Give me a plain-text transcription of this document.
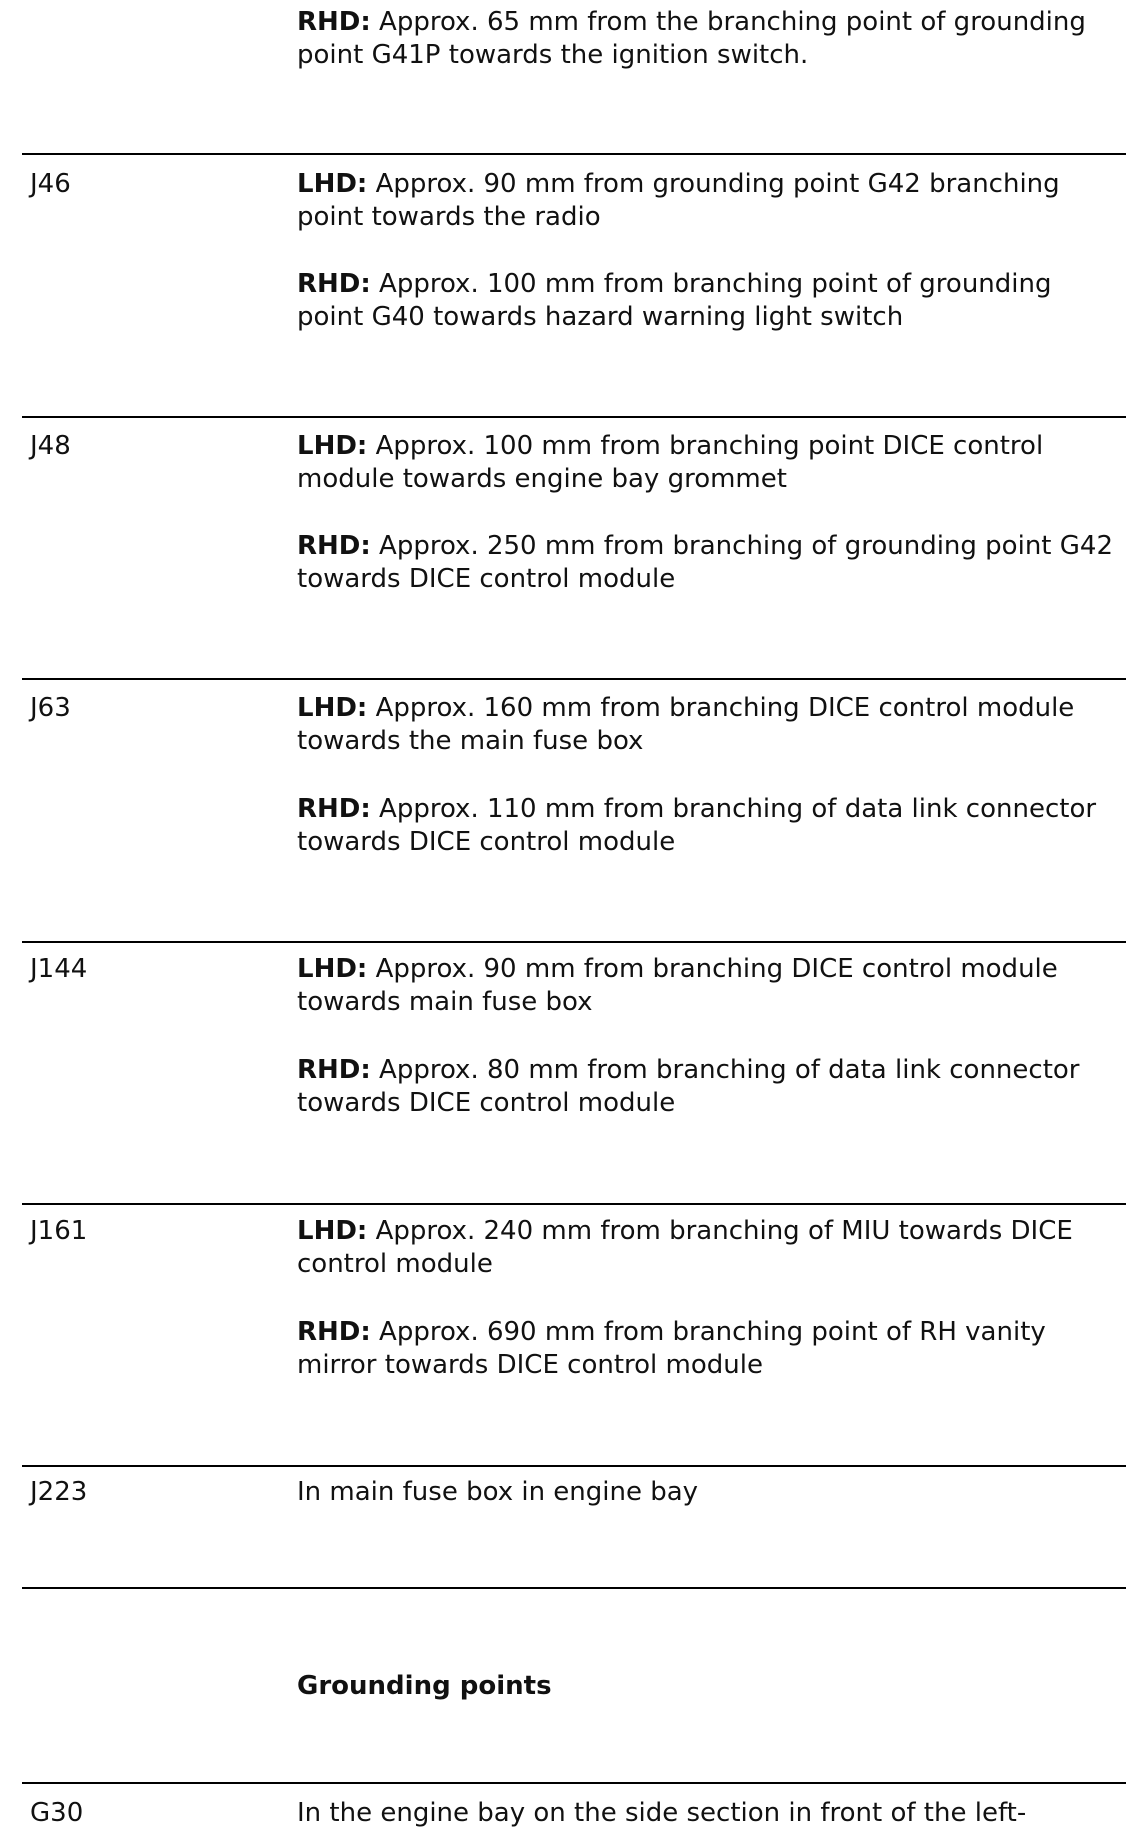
RHD: Approx. 65 mm from the branching point of grounding point G41P towards the ignition switch.

J46	LHD: Approx. 90 mm from grounding point G42 branching point towards the radio

RHD: Approx. 100 mm from branching point of grounding point G40 towards hazard warning light switch

J48	LHD: Approx. 100 mm from branching point DICE control module towards engine bay grommet

RHD: Approx. 250 mm from branching of grounding point G42 towards DICE control module

J63	LHD: Approx. 160 mm from branching DICE control module towards the main fuse box

RHD: Approx. 110 mm from branching of data link connector towards DICE control module

J144	LHD: Approx. 90 mm from branching DICE control module towards main fuse box

RHD: Approx. 80 mm from branching of data link connector towards DICE control module

J161	LHD: Approx. 240 mm from branching of MIU towards DICE control module

RHD: Approx. 690 mm from branching point of RH vanity mirror towards DICE control module

J223	In main fuse box in engine bay

Grounding points
G30	In the engine bay on the side section in front of the left-
